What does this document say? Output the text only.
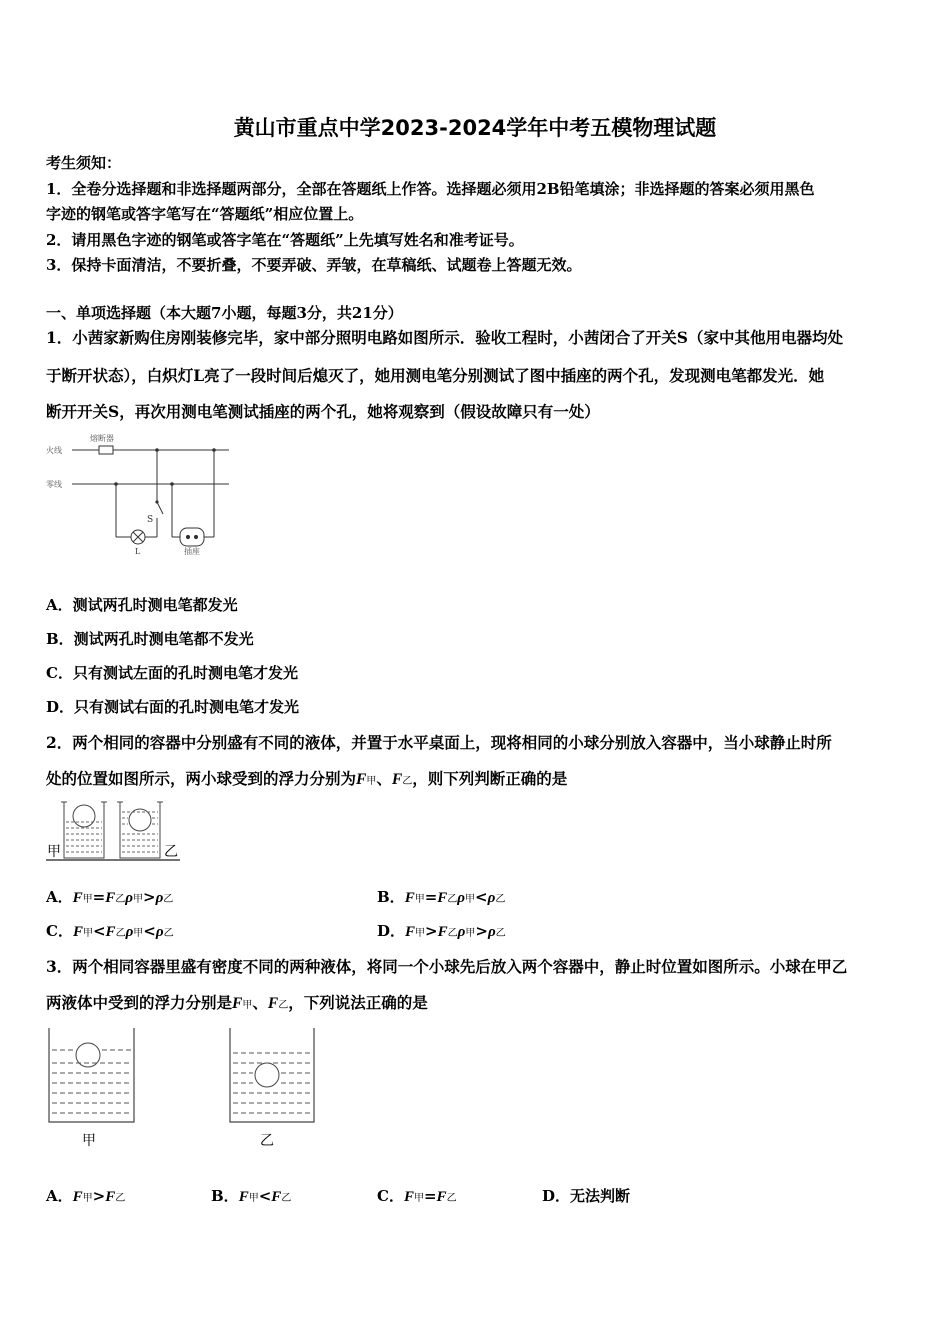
黄山市重点中学2023-2024学年中考五模物理试题
考生须知：
1．全卷分选择题和非选择题两部分，全部在答题纸上作答。选择题必须用2B铅笔填涂；非选择题的答案必须用黑色
字迹的钢笔或答字笔写在“答题纸”相应位置上。
2．请用黑色字迹的钢笔或答字笔在“答题纸”上先填写姓名和准考证号。
3．保持卡面清洁，不要折叠，不要弄破、弄皱，在草稿纸、试题卷上答题无效。
一、单项选择题（本大题7小题，每题3分，共21分）
1．小茜家新购住房刚装修完毕，家中部分照明电路如图所示．验收工程时，小茜闭合了开关S（家中其他用电器均处
于断开状态），白炽灯L亮了一段时间后熄灭了，她用测电笔分别测试了图中插座的两个孔，发现测电笔都发光．她
断开开关S，再次用测电笔测试插座的两个孔，她将观察到（假设故障只有一处）
火线
零线
熔断器
S
L	插座
A．测试两孔时测电笔都发光
B．测试两孔时测电笔都不发光
C．只有测试左面的孔时测电笔才发光
D．只有测试右面的孔时测电笔才发光
2．两个相同的容器中分别盛有不同的液体，并置于水平桌面上，现将相同的小球分别放入容器中，当小球静止时所
处的位置如图所示，两小球受到的浮力分别为F甲、F乙，则下列判断正确的是
甲	乙
A．F甲=F乙ρ甲>ρ乙	B．F甲=F乙ρ甲<ρ乙
C．F甲<F乙ρ甲<ρ乙	D．F甲>F乙ρ甲>ρ乙
3．两个相同容器里盛有密度不同的两种液体，将同一个小球先后放入两个容器中，静止时位置如图所示。小球在甲乙
两液体中受到的浮力分别是F甲、F乙，下列说法正确的是
甲	乙
A．F甲>F乙	B．F甲<F乙	C．F甲=F乙	D．无法判断
